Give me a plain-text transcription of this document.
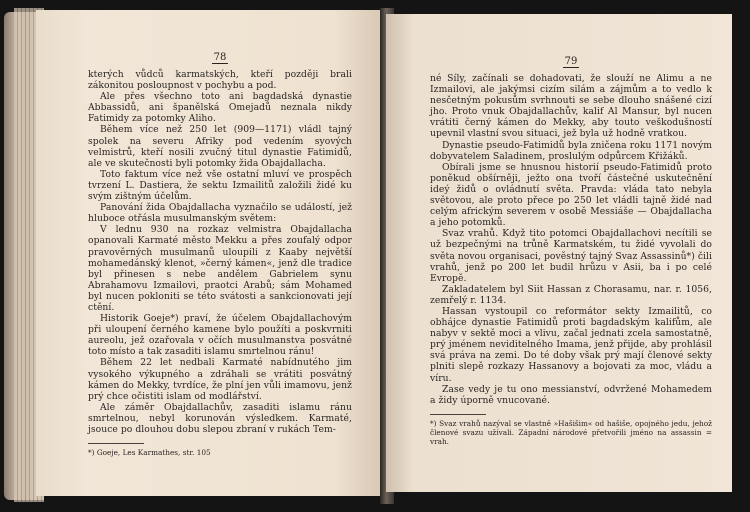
78

kterých vůdců karmatských, kteří později brali zákonitou posloupnost v pochybu a pod.

Ale přes všechno toto ani bagdadská dynastie Abbassidů, ani španělská Omejadů neznala nikdy Fatimidy za potomky Aliho.

Během více než 250 let (909—1171) vládl tajný spolek na severu Afriky pod vedením syových velmistrů, kteří nosili zvučný titul dynastie Fatimidů, ale ve skutečnosti byli potomky žida Obajdallacha.

Toto faktum více než vše ostatní mluví ve prospěch tvrzení L. Dastiera, že sektu Izmailitů založili židé ku svým zištným účelům.

Panování žida Obajdallacha vyznačilo se událostí, jež hluboce otřásla musulmanským světem:

V lednu 930 na rozkaz velmistra Obajdallacha opanovali Karmaté město Mekku a přes zoufalý odpor pravověrných musulmanů uloupili z Kaaby největší mohamedánský klenot, »černý kámen«, jenž dle tradice byl přinesen s nebe andělem Gabrielem synu Abrahamovu Izmailovi, praotci Arabů; sám Mohamed byl nucen pokloniti se této svátosti a sankcionovati její ctění.

Historik Goeje*) praví, že účelem Obajdallachovým při uloupení černého kamene bylo použíti a poskvrniti aureolu, jež ozařovala v očích musulmanstva posvátné toto místo a tak zasaditi islamu smrtelnou ránu!

Během 22 let nedbali Karmaté nabídnutého jim vysokého výkupného a zdráhali se vrátiti posvátný kámen do Mekky, tvrdíce, že plní jen vůli imamovu, jenž prý chce očistiti islam od modlářství.

Ale záměr Obajdallachův, zasaditi islamu ránu smrtelnou, nebyl korunován výsledkem. Karmaté, jsouce po dlouhou dobu slepou zbraní v rukách Tem-

*) Goeje, Les Karmathes, str. 105
79

né Síly, začínali se dohadovati, že slouží ne Alimu a ne Izmailovi, ale jakýmsi cizím silám a zájmům a to vedlo k nesčetným pokusům svrhnouti se sebe dlouho snášené cizí jho. Proto vnuk Obajdallachův, kalif Al Mansur, byl nucen vrátiti černý kámen do Mekky, aby touto veškodušností upevnil vlastní svou situaci, jež byla už hodně vratkou.

Dynastie pseudo-Fatimidů byla zničena roku 1171 novým dobyvatelem Saladinem, proslulým odpůrcem Křižáků.

Obírali jsme se hnusnou historií pseudo-Fatimidů proto poněkud obšírněji, ježto ona tvoří částečné uskutečnění ideý židů o ovládnutí světa. Pravda: vláda tato nebyla světovou, ale proto přece po 250 let vládli tajně židé nad celým africkým severem v osobě Messiáše — Obajdallacha a jeho potomků.

Svaz vrahů. Když tito potomci Obajdallachovi necítili se už bezpečnými na trůně Karmatském, tu židé vyvolali do světa novou organisaci, pověstný tajný Svaz Assassinů*) čili vrahů, jenž po 200 let budil hrůzu v Asii, ba i po celé Evropě.

Zakladatelem byl Siit Hassan z Chorasamu, nar. r. 1056, zemřelý r. 1134.

Hassan vystoupil co reformátor sekty Izmailitů, co obhájce dynastie Fatimidů proti bagdadským kalifům, ale nabyv v sektě moci a vlivu, začal jednati zcela samostatně, prý jménem neviditelného Imama, jenž přijde, aby prohlásil svá práva na zemi. Do té doby však prý mají členové sekty plniti slepě rozkazy Hassanovy a bojovati za moc, vládu a víru.

Zase vedy je tu ono messianství, odvržené Mohamedem a židy úporně vnucované.

*) Svaz vrahů nazýval se vlastně »Hašišim« od hašiše, opojného jedu, jehož členové svazu užívali. Západní národové přetvořili jméno na assassin = vrah.
